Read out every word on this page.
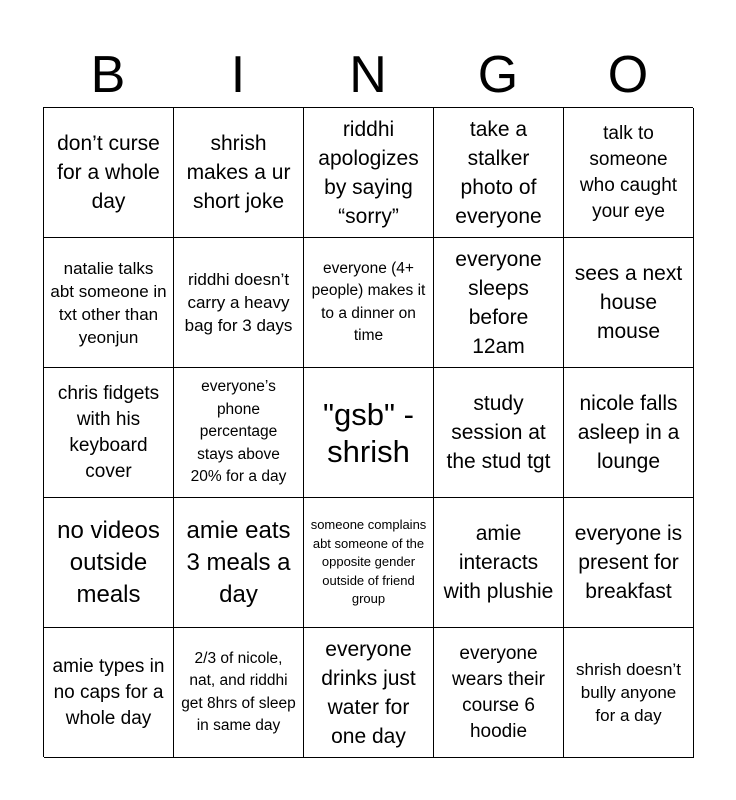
B	I	N	G	O
don’t curse for a whole day
shrish makes a ur short joke
riddhi apologizes by saying “sorry”
take a stalker photo of everyone
talk to someone who caught your eye
natalie talks abt someone in txt other than yeonjun
riddhi doesn’t carry a heavy bag for 3 days
everyone (4+ people) makes it to a dinner on time
everyone sleeps before 12am
sees a next house mouse
chris fidgets with his keyboard cover
everyone’s phone percentage stays above 20% for a day
"gsb" -shrish
study session at the stud tgt
nicole falls asleep in a lounge
no videos outside meals
amie eats 3 meals a day
someone complains abt someone of the opposite gender outside of friend group
amie interacts with plushie
everyone is present for breakfast
amie types in no caps for a whole day
2/3 of nicole, nat, and riddhi get 8hrs of sleep in same day
everyone drinks just water for one day
everyone wears their course 6 hoodie
shrish doesn’t bully anyone for a day
